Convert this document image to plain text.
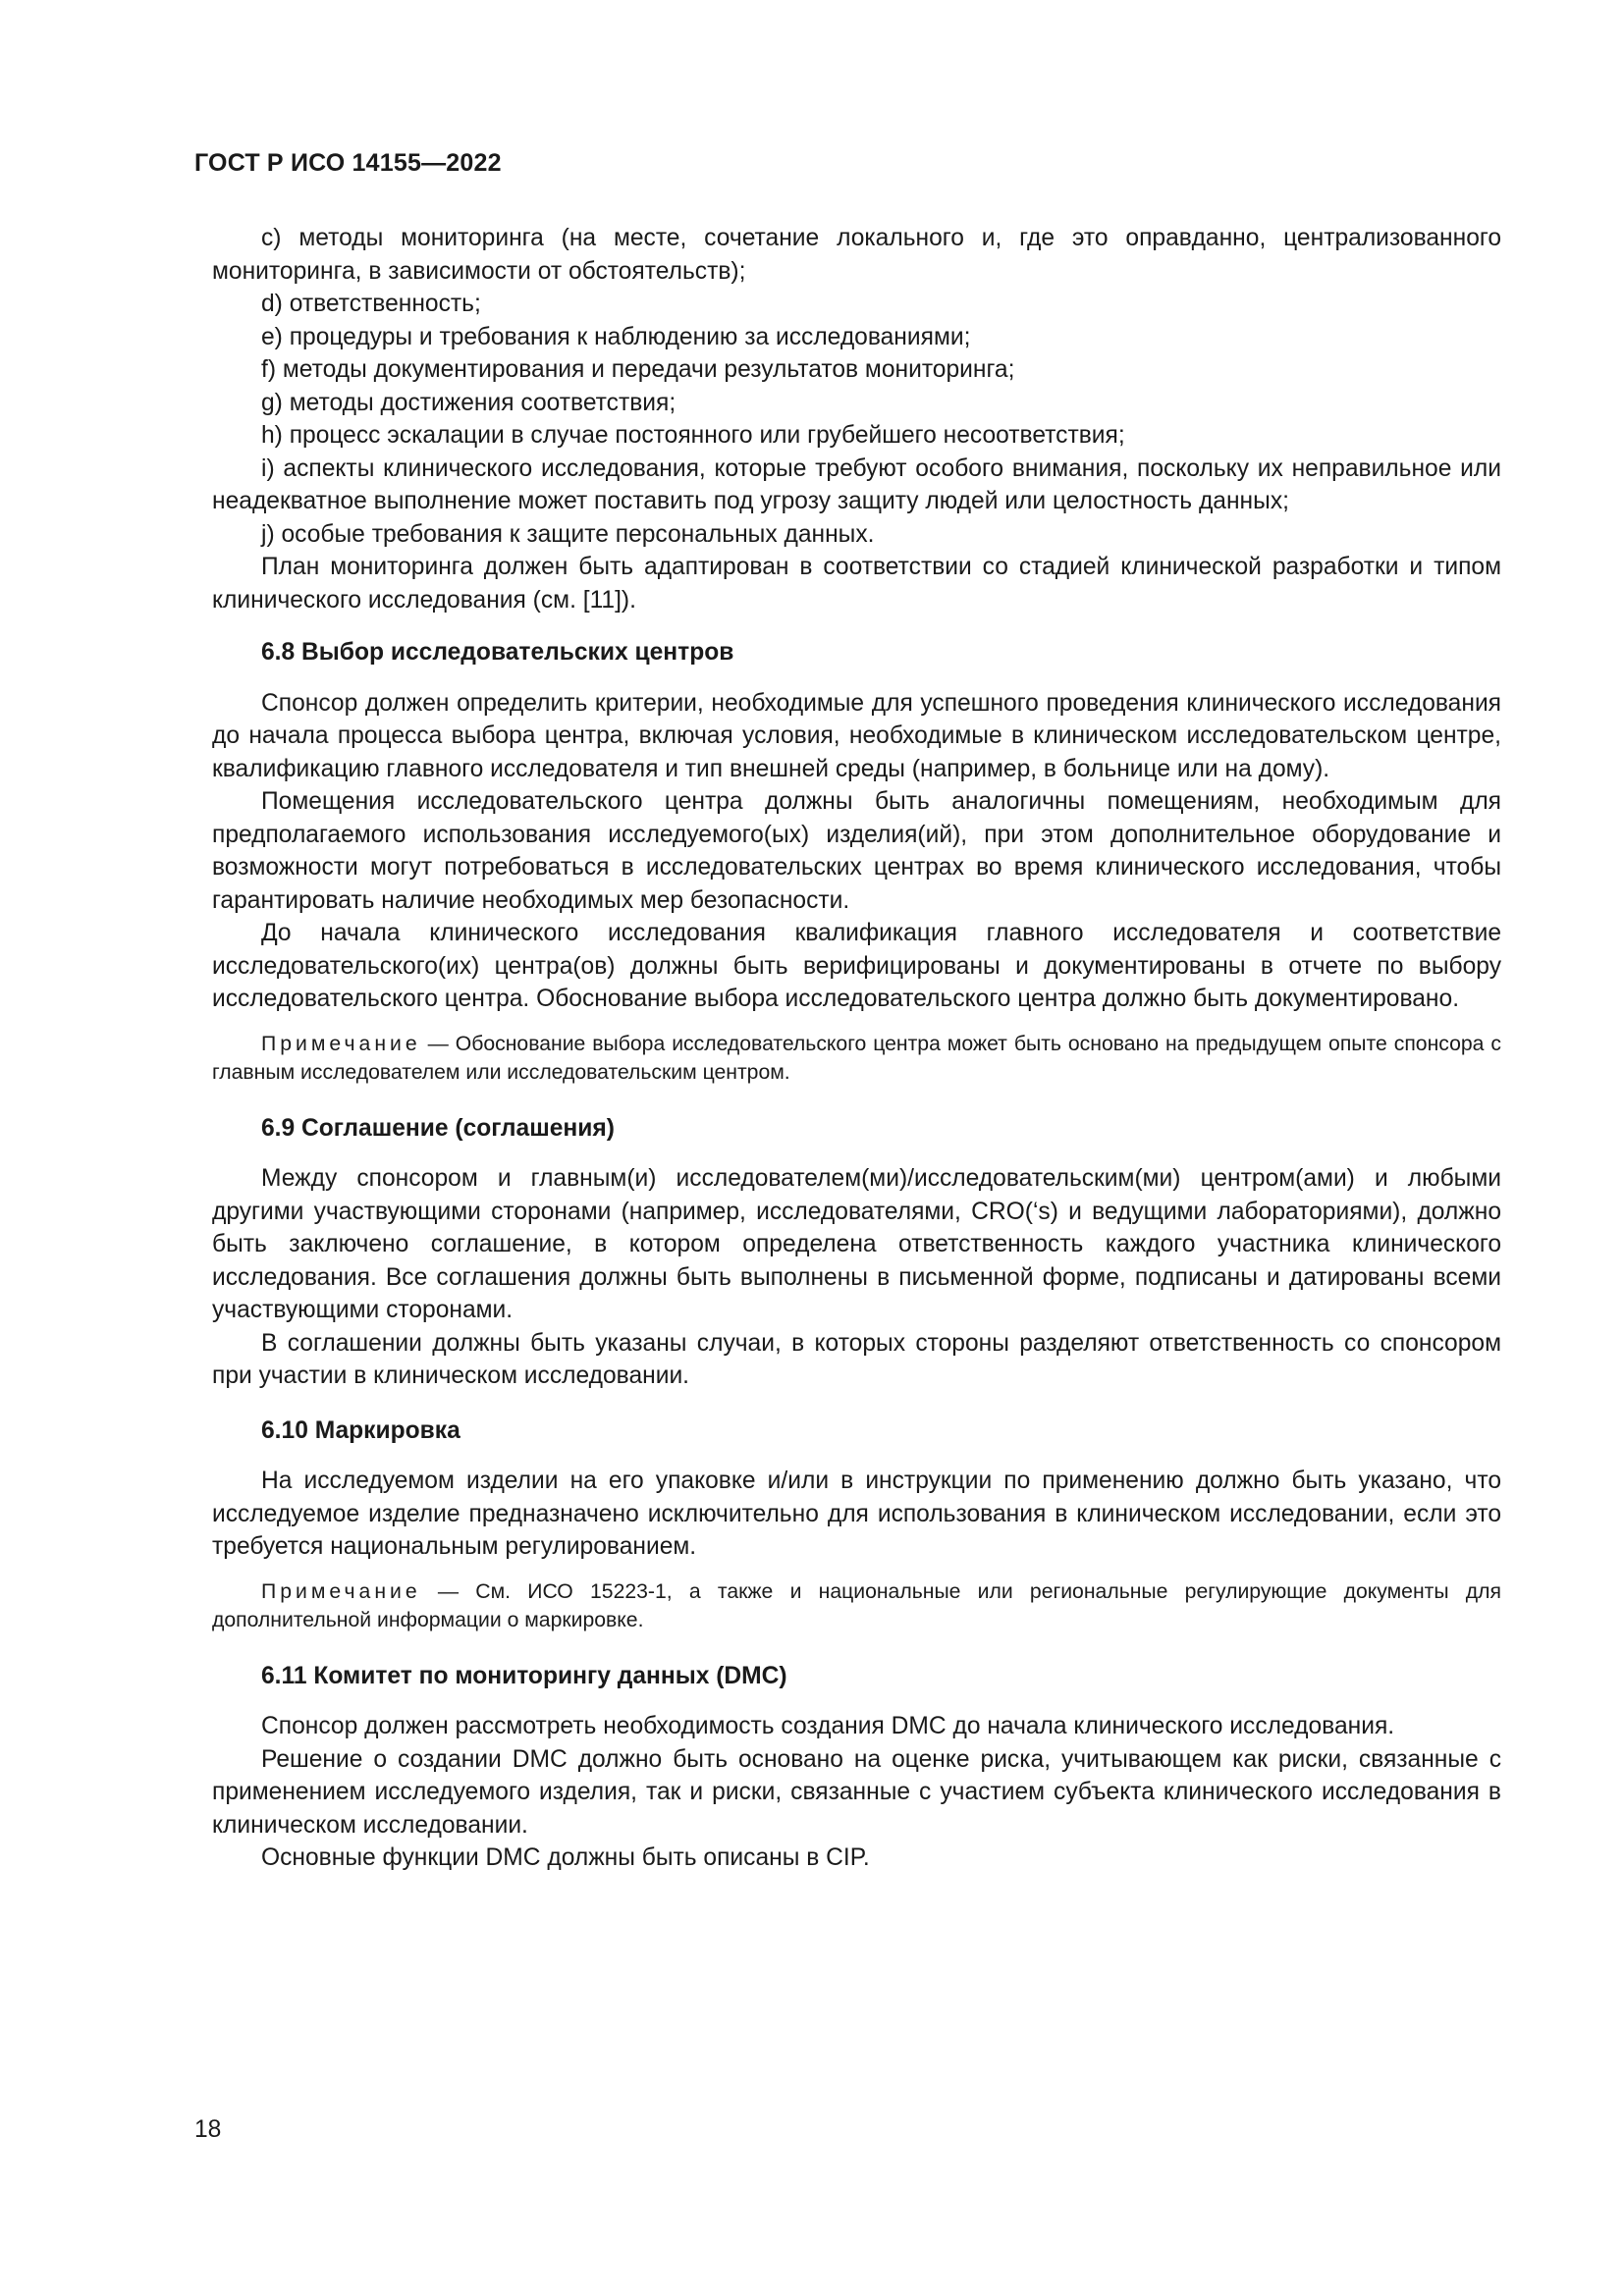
ГОСТ Р ИСО 14155—2022

c) методы мониторинга (на месте, сочетание локального и, где это оправданно, централизованного мониторинга, в зависимости от обстоятельств);

d) ответственность;

e) процедуры и требования к наблюдению за исследованиями;

f) методы документирования и передачи результатов мониторинга;

g) методы достижения соответствия;

h) процесс эскалации в случае постоянного или грубейшего несоответствия;

i) аспекты клинического исследования, которые требуют особого внимания, поскольку их неправильное или неадекватное выполнение может поставить под угрозу защиту людей или целостность данных;

j) особые требования к защите персональных данных.

План мониторинга должен быть адаптирован в соответствии со стадией клинической разработки и типом клинического исследования (см. [11]).

6.8 Выбор исследовательских центров

Спонсор должен определить критерии, необходимые для успешного проведения клинического исследования до начала процесса выбора центра, включая условия, необходимые в клиническом исследовательском центре, квалификацию главного исследователя и тип внешней среды (например, в больнице или на дому).

Помещения исследовательского центра должны быть аналогичны помещениям, необходимым для предполагаемого использования исследуемого(ых) изделия(ий), при этом дополнительное оборудование и возможности могут потребоваться в исследовательских центрах во время клинического исследования, чтобы гарантировать наличие необходимых мер безопасности.

До начала клинического исследования квалификация главного исследователя и соответствие исследовательского(их) центра(ов) должны быть верифицированы и документированы в отчете по выбору исследовательского центра. Обоснование выбора исследовательского центра должно быть документировано.

Примечание — Обоснование выбора исследовательского центра может быть основано на предыдущем опыте спонсора с главным исследователем или исследовательским центром.

6.9 Соглашение (соглашения)

Между спонсором и главным(и) исследователем(ми)/исследовательским(ми) центром(ами) и любыми другими участвующими сторонами (например, исследователями, CRO(‘s) и ведущими лабораториями), должно быть заключено соглашение, в котором определена ответственность каждого участника клинического исследования. Все соглашения должны быть выполнены в письменной форме, подписаны и датированы всеми участвующими сторонами.

В соглашении должны быть указаны случаи, в которых стороны разделяют ответственность со спонсором при участии в клиническом исследовании.

6.10 Маркировка

На исследуемом изделии на его упаковке и/или в инструкции по применению должно быть указано, что исследуемое изделие предназначено исключительно для использования в клиническом исследовании, если это требуется национальным регулированием.

Примечание — См. ИСО 15223-1, а также и национальные или региональные регулирующие документы для дополнительной информации о маркировке.

6.11 Комитет по мониторингу данных (DMC)

Спонсор должен рассмотреть необходимость создания DMC до начала клинического исследования.

Решение о создании DMC должно быть основано на оценке риска, учитывающем как риски, связанные с применением исследуемого изделия, так и риски, связанные с участием субъекта клинического исследования в клиническом исследовании.

Основные функции DMC должны быть описаны в CIP.

18
